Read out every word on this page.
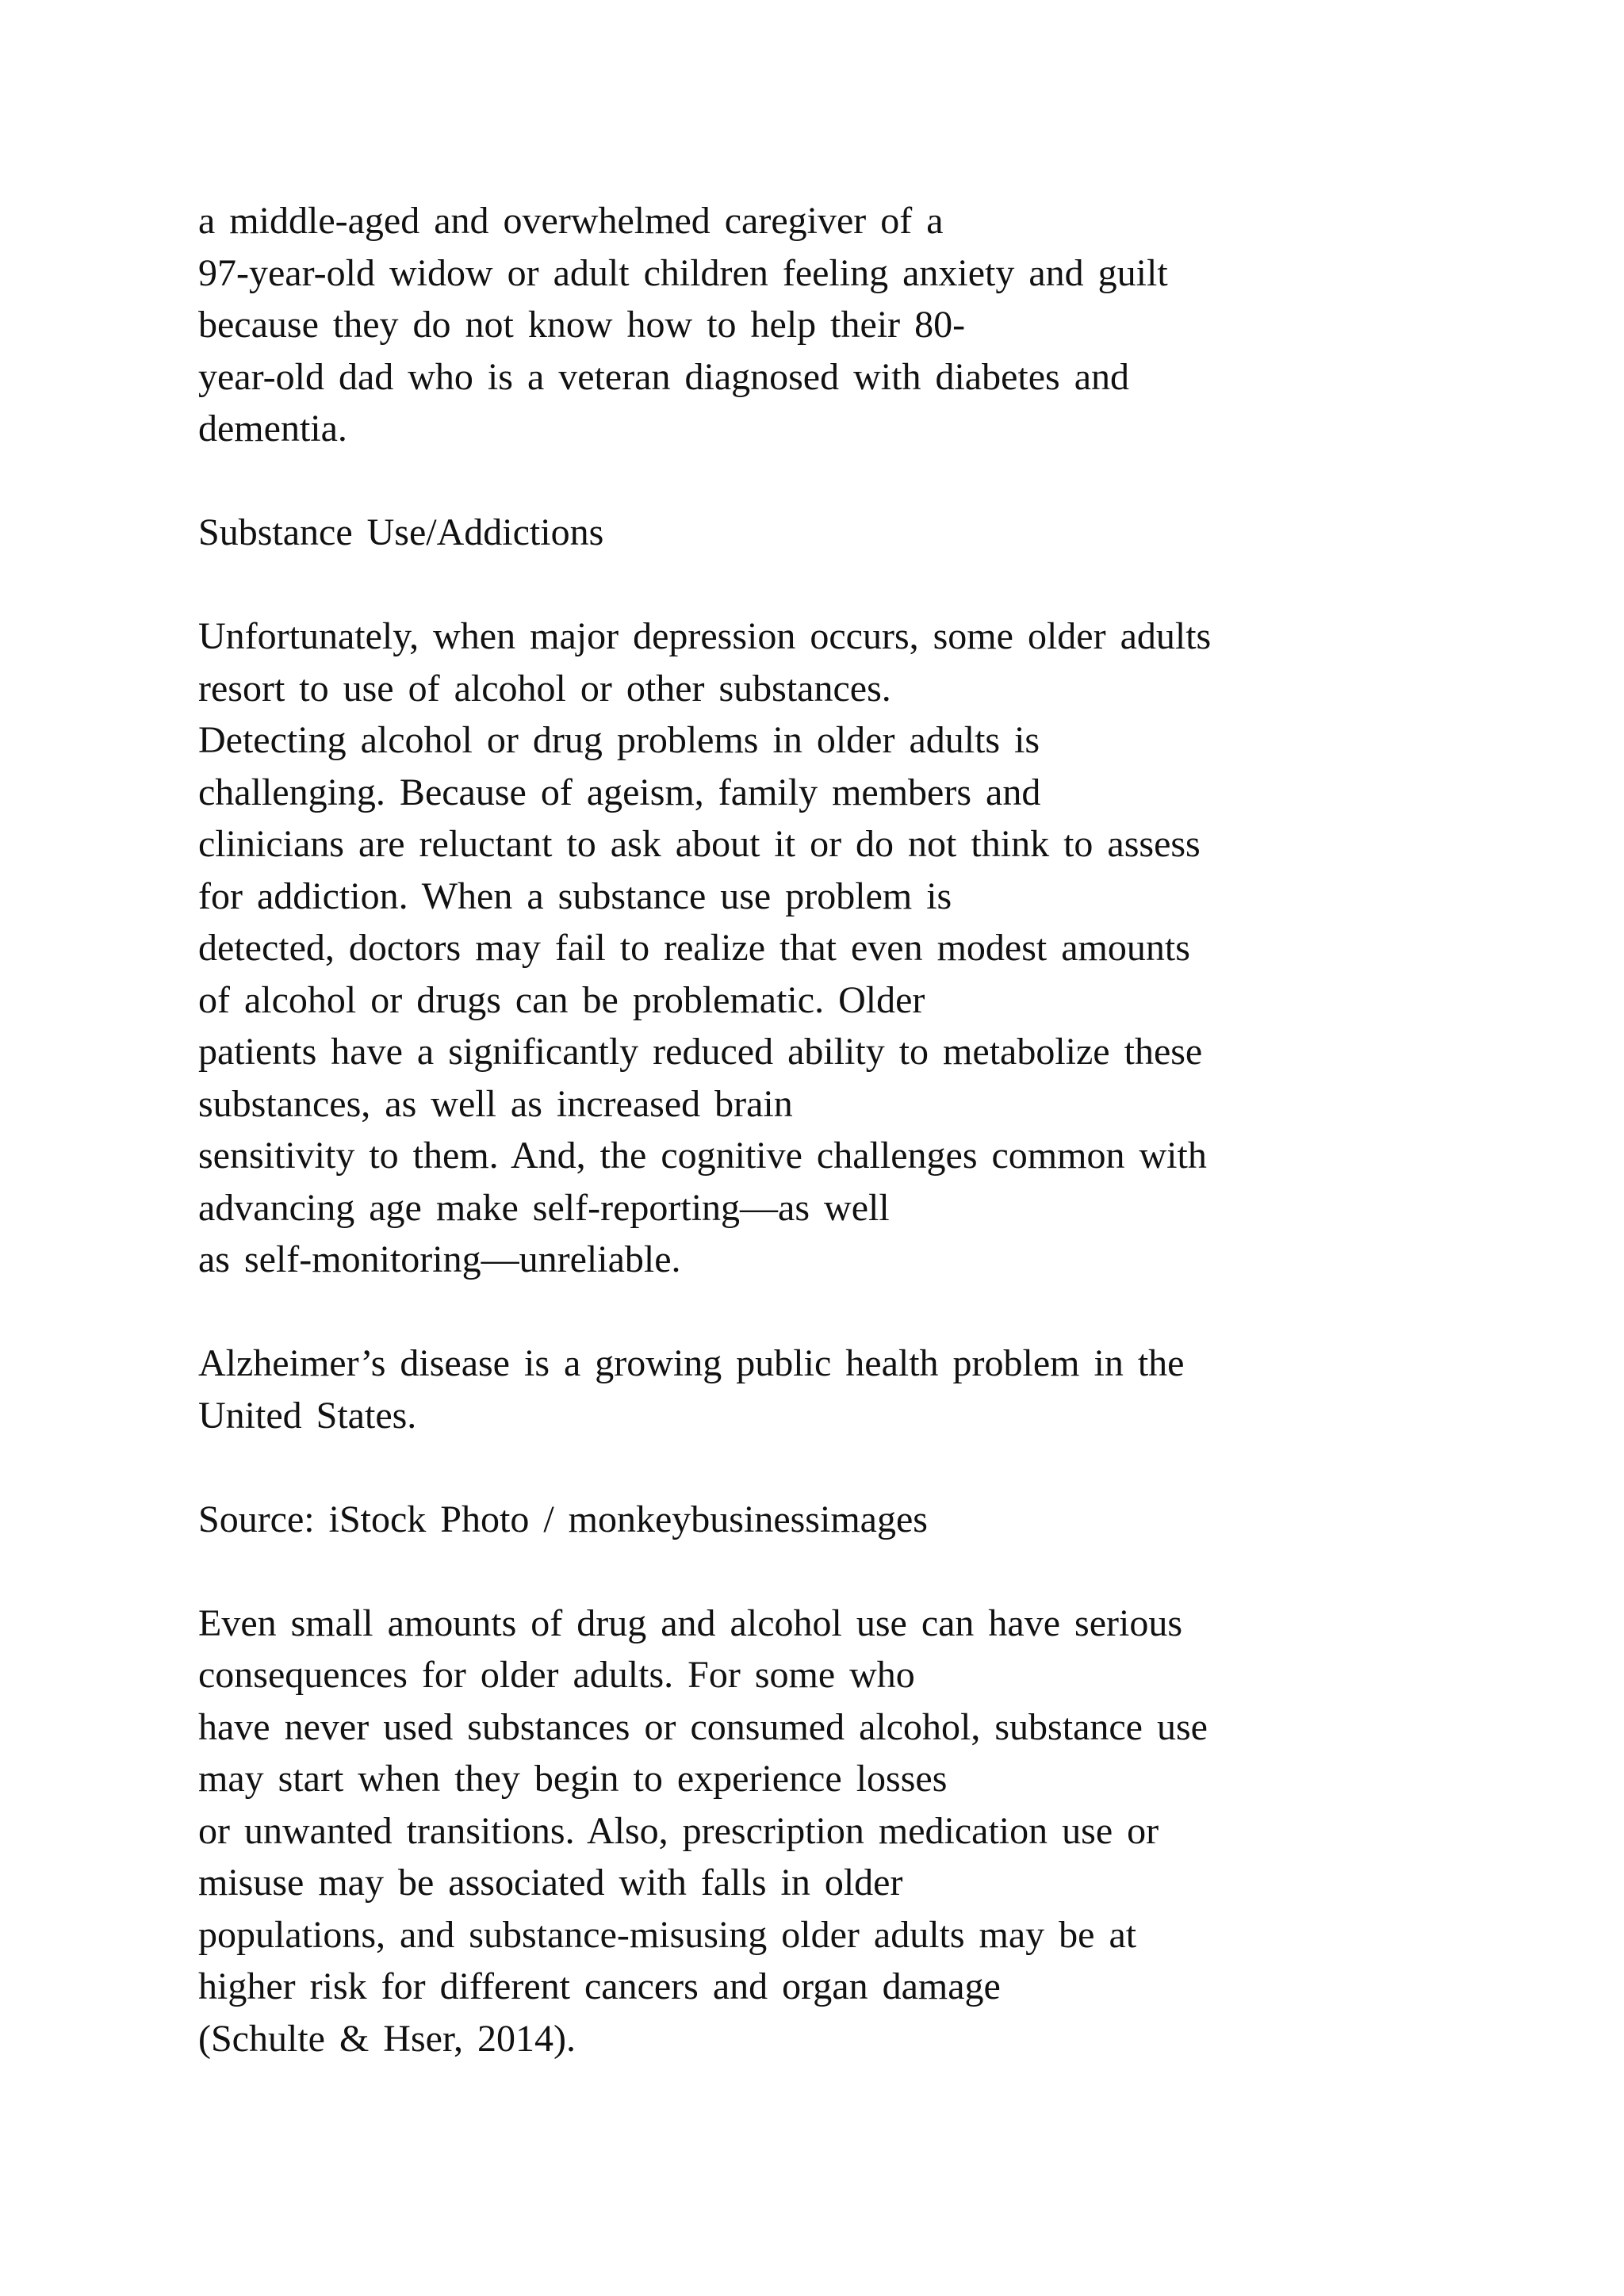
a middle-aged and overwhelmed caregiver of a
97-year-old widow or adult children feeling anxiety and guilt
because they do not know how to help their 80-
year-old dad who is a veteran diagnosed with diabetes and
dementia.

Substance Use/Addictions

Unfortunately, when major depression occurs, some older adults
resort to use of alcohol or other substances.
Detecting alcohol or drug problems in older adults is
challenging. Because of ageism, family members and
clinicians are reluctant to ask about it or do not think to assess
for addiction. When a substance use problem is
detected, doctors may fail to realize that even modest amounts
of alcohol or drugs can be problematic. Older
patients have a significantly reduced ability to metabolize these
substances, as well as increased brain
sensitivity to them. And, the cognitive challenges common with
advancing age make self-reporting—as well
as self-monitoring—unreliable.

Alzheimer’s disease is a growing public health problem in the
United States.

Source: iStock Photo / monkeybusinessimages

Even small amounts of drug and alcohol use can have serious
consequences for older adults. For some who
have never used substances or consumed alcohol, substance use
may start when they begin to experience losses
or unwanted transitions. Also, prescription medication use or
misuse may be associated with falls in older
populations, and substance-misusing older adults may be at
higher risk for different cancers and organ damage
(Schulte & Hser, 2014).
